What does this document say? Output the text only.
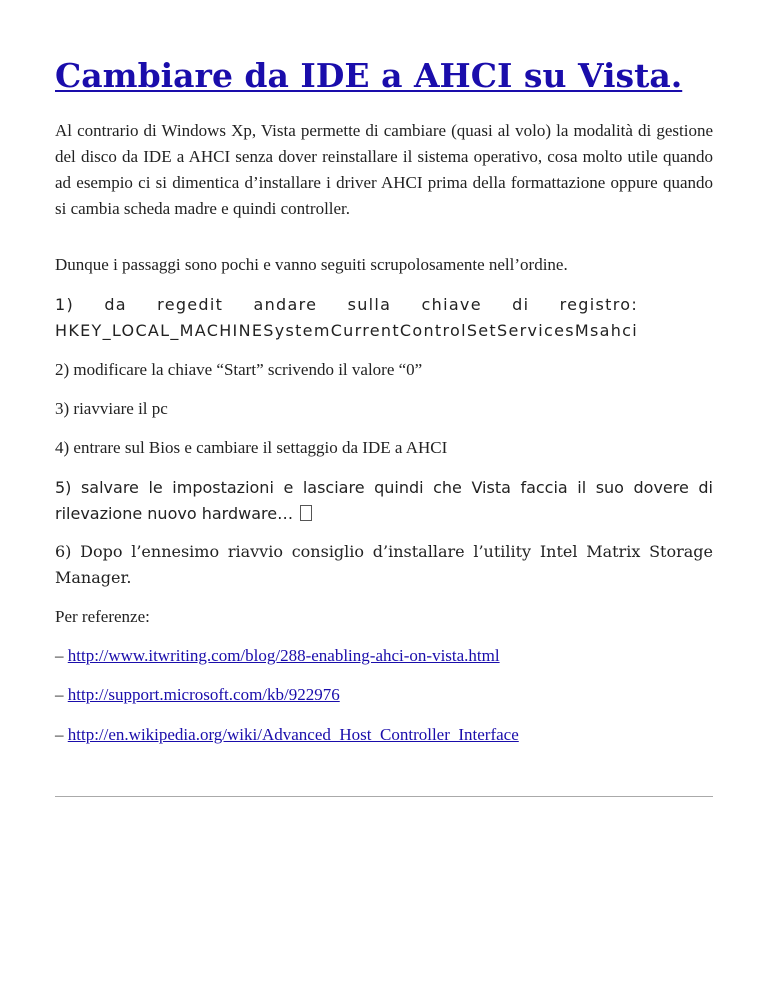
Cambiare da IDE a AHCI su Vista.

Al contrario di Windows Xp, Vista permette di cambiare (quasi al volo) la modalità di gestione del disco da IDE a AHCI senza dover reinstallare il sistema operativo, cosa molto utile quando ad esempio ci si dimentica d’installare i driver AHCI prima della formattazione oppure quando si cambia scheda madre e quindi controller.

Dunque i passaggi sono pochi e vanno seguiti scrupolosamente nell’ordine.

1) da regedit andare sulla chiave di registro:
HKEY_LOCAL_MACHINESystemCurrentControlSetServicesMsahci

2) modificare la chiave “Start” scrivendo il valore “0”

3) riavviare il pc

4) entrare sul Bios e cambiare il settaggio da IDE a AHCI

5) salvare le impostazioni e lasciare quindi che Vista faccia il suo dovere di rilevazione nuovo hardware…

6) Dopo l’ennesimo riavvio consiglio d’installare l’utility Intel Matrix Storage Manager.

Per referenze:

– http://www.itwriting.com/blog/288-enabling-ahci-on-vista.html

– http://support.microsoft.com/kb/922976

– http://en.wikipedia.org/wiki/Advanced_Host_Controller_Interface
